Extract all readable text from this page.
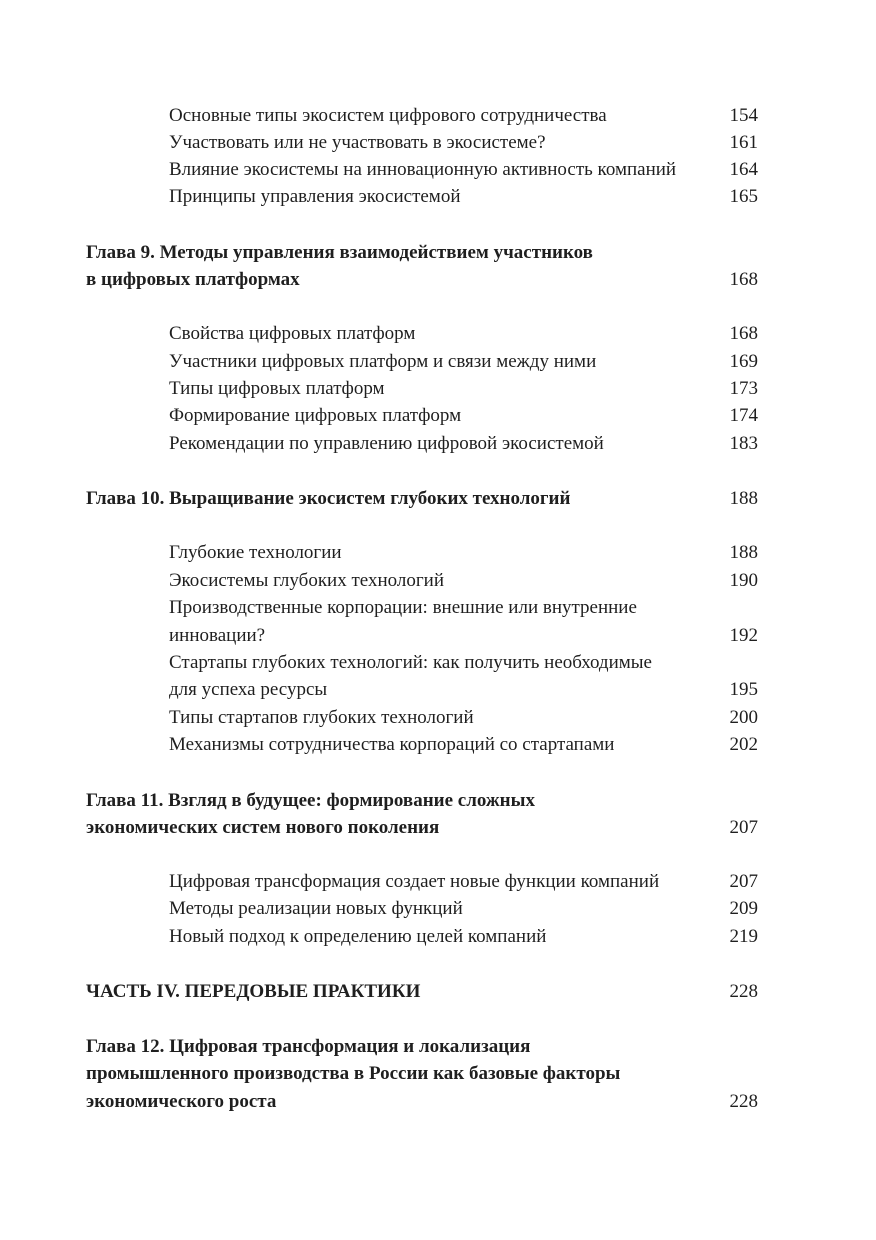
Основные типы экосистем цифрового сотрудничества	154
Участвовать или не участвовать в экосистеме?	161
Влияние экосистемы на инновационную активность компаний	164
Принципы управления экосистемой	165
Глава 9. Методы управления взаимодействием участников
в цифровых платформах	168
Свойства цифровых платформ	168
Участники цифровых платформ и связи между ними	169
Типы цифровых платформ	173
Формирование цифровых платформ	174
Рекомендации по управлению цифровой экосистемой	183
Глава 10. Выращивание экосистем глубоких технологий	188
Глубокие технологии	188
Экосистемы глубоких технологий	190
Производственные корпорации: внешние или внутренние
инновации?	192
Стартапы глубоких технологий: как получить необходимые
для успеха ресурсы	195
Типы стартапов глубоких технологий	200
Механизмы сотрудничества корпораций со стартапами	202
Глава 11. Взгляд в будущее: формирование сложных
экономических систем нового поколения	207
Цифровая трансформация создает новые функции компаний	207
Методы реализации новых функций	209
Новый подход к определению целей компаний	219
ЧАСТЬ IV. ПЕРЕДОВЫЕ ПРАКТИКИ	228
Глава 12. Цифровая трансформация и локализация
промышленного производства в России как базовые факторы
экономического роста	228
